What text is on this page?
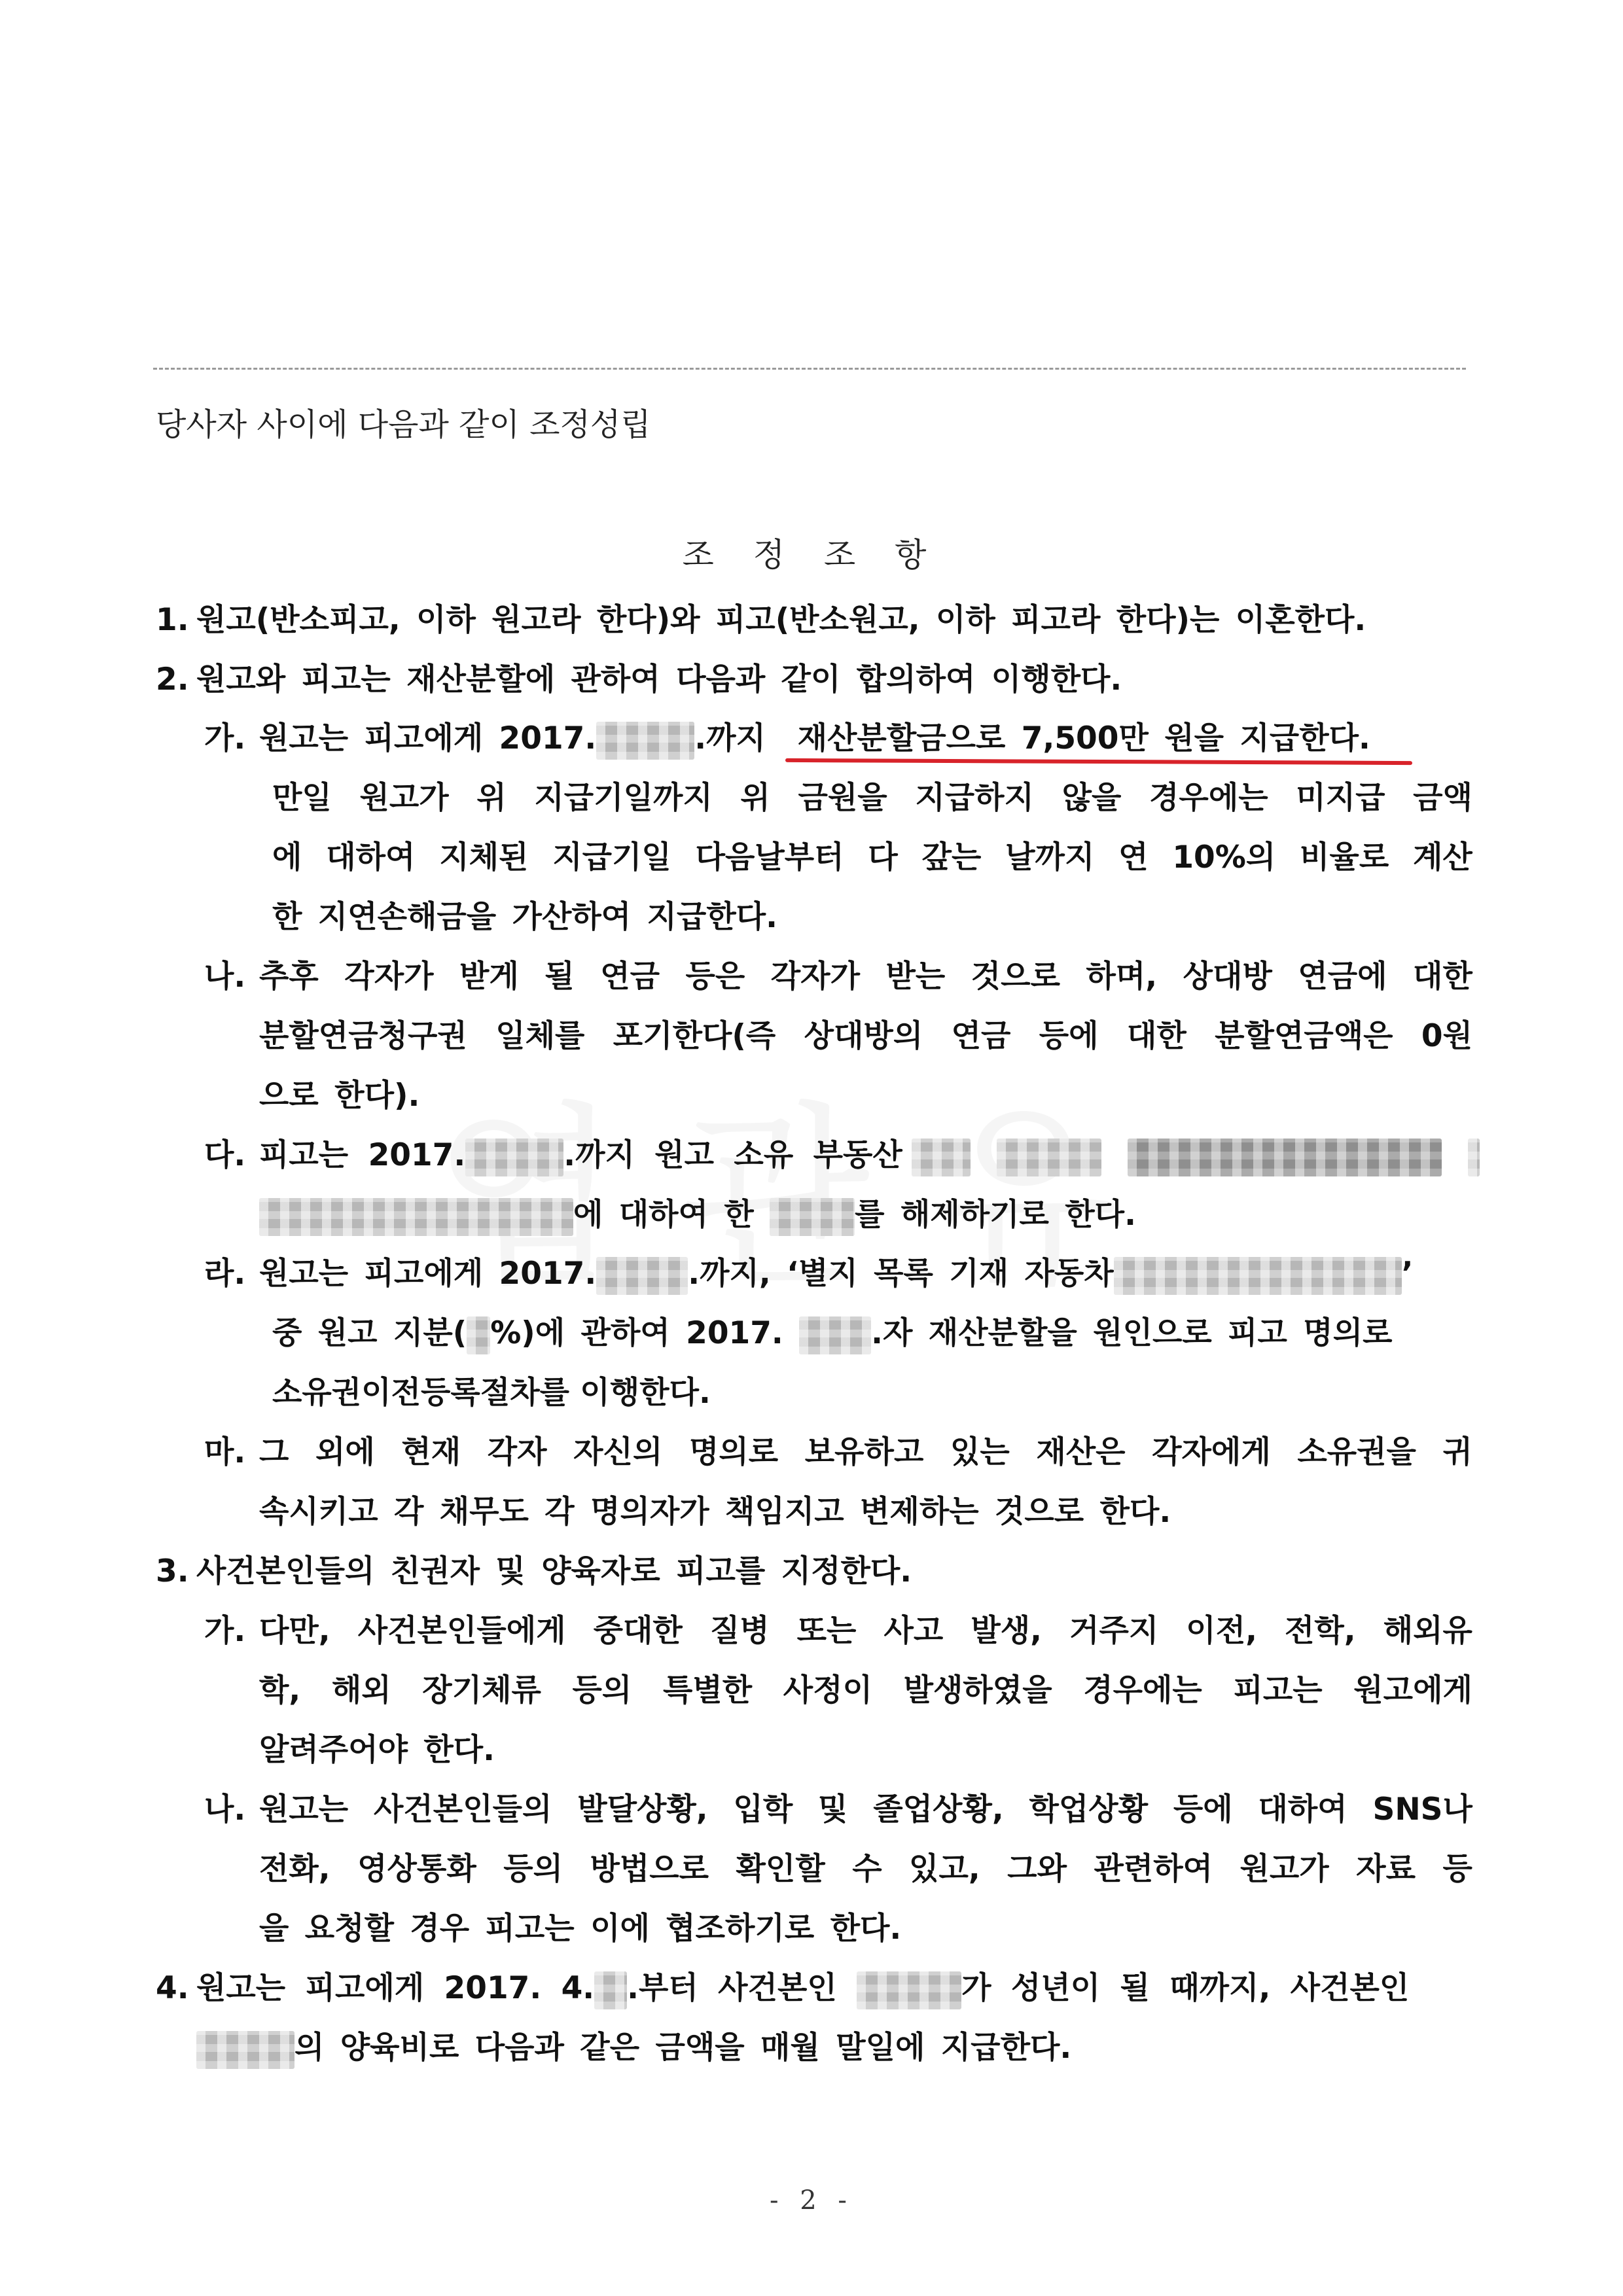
당사자 사이에 다음과 같이 조정성립
조 정 조 항
1. 원고(반소피고, 이하 원고라 한다)와 피고(반소원고, 이하 피고라 한다)는 이혼한다.
2. 원고와 피고는 재산분할에 관하여 다음과 같이 합의하여 이행한다.
가. 원고는 피고에게 2017.	.까지 재산분할금으로 7,500만 원을 지급한다.
만일 원고가 위 지급기일까지 위 금원을 지급하지 않을 경우에는 미지급 금액
에 대하여 지체된 지급기일 다음날부터 다 갚는 날까지 연 10%의 비율로 계산
한 지연손해금을 가산하여 지급한다.
나. 추후 각자가 받게 될 연금 등은 각자가 받는 것으로 하며, 상대방 연금에 대한
분할연금청구권 일체를 포기한다(즉 상대방의 연금 등에 대한 분할연금액은 0원
으로 한다).
다. 피고는 2017.	.까지 원고 소유 부동산
에 대하여 한	를 해제하기로 한다.
라. 원고는 피고에게 2017.	.까지, ‘별지 목록 기재 자동차	’
중 원고 지분( %)에 관하여 2017.	.자 재산분할을 원인으로 피고 명의로
소유권이전등록절차를 이행한다.
마. 그 외에 현재 각자 자신의 명의로 보유하고 있는 재산은 각자에게 소유권을 귀
속시키고 각 채무도 각 명의자가 책임지고 변제하는 것으로 한다.
3. 사건본인들의 친권자 및 양육자로 피고를 지정한다.
가. 다만, 사건본인들에게 중대한 질병 또는 사고 발생, 거주지 이전, 전학, 해외유
학, 해외 장기체류 등의 특별한 사정이 발생하였을 경우에는 피고는 원고에게
알려주어야 한다.
나. 원고는 사건본인들의 발달상황, 입학 및 졸업상황, 학업상황 등에 대하여 SNS나
전화, 영상통화 등의 방법으로 확인할 수 있고, 그와 관련하여 원고가 자료 등
을 요청할 경우 피고는 이에 협조하기로 한다.
4. 원고는 피고에게 2017. 4. .부터 사건본인	가 성년이 될 때까지, 사건본인
의 양육비로 다음과 같은 금액을 매월 말일에 지급한다.
- 2 -
